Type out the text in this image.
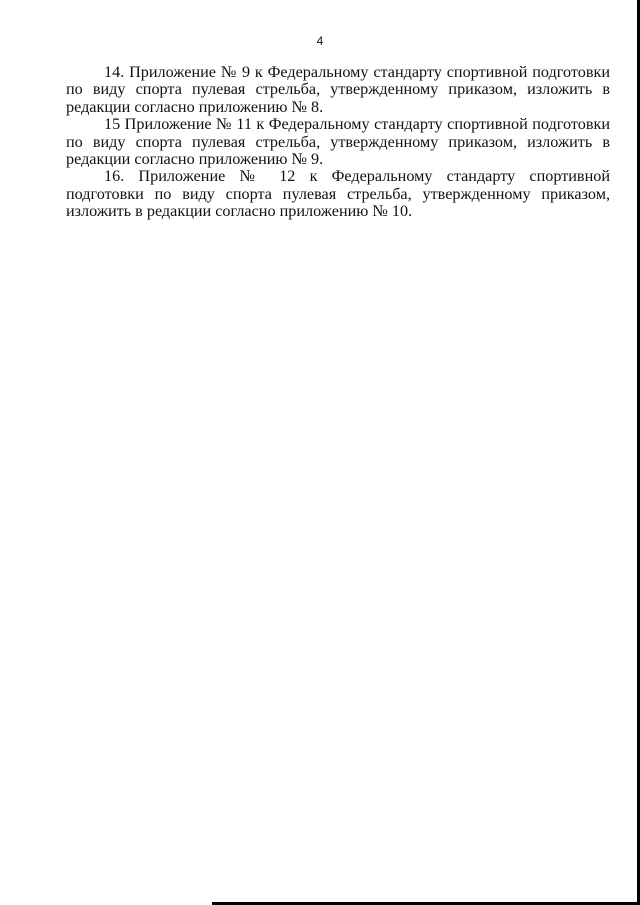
4

14. Приложение № 9 к Федеральному стандарту спортивной подготовки по виду спорта пулевая стрельба, утвержденному приказом, изложить в редакции согласно приложению № 8.

15 Приложение № 11 к Федеральному стандарту спортивной подготовки по виду спорта пулевая стрельба, утвержденному приказом, изложить в редакции согласно приложению № 9.

16. Приложение № 12 к Федеральному стандарту спортивной подготовки по виду спорта пулевая стрельба, утвержденному приказом, изложить в редакции согласно приложению № 10.
